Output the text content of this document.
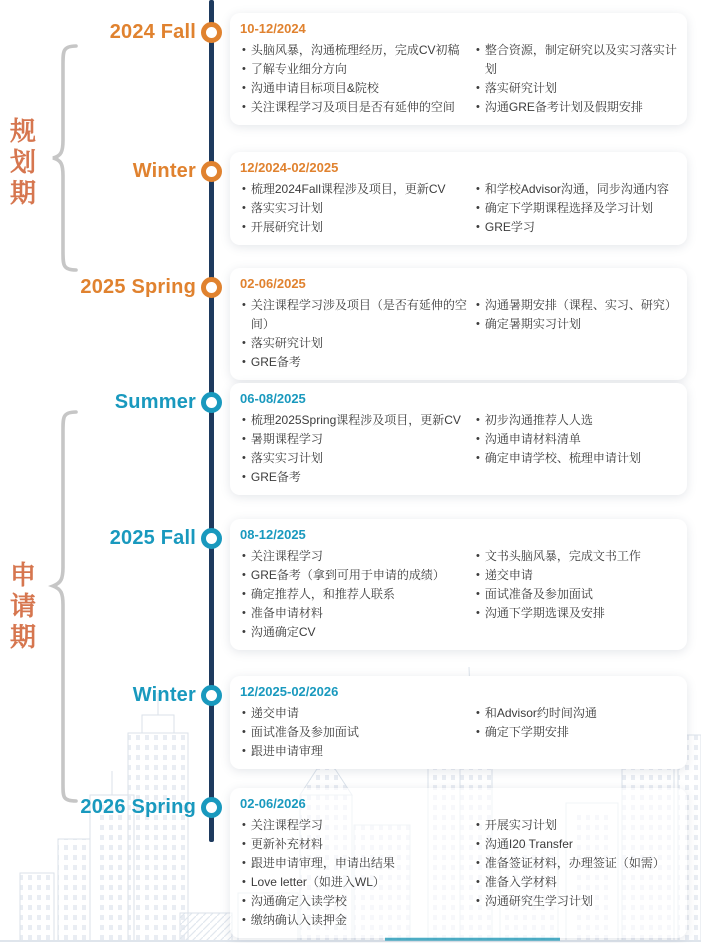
规划期
申请期
2024 Fall	10-12/2024
• 头脑风暴，沟通梳理经历，完成CV初稿
• 了解专业细分方向
• 沟通申请目标项目&院校
• 关注课程学习及项目是否有延伸的空间
• 整合资源，制定研究以及实习落实计划
• 落实研究计划
• 沟通GRE备考计划及假期安排
Winter	12/2024-02/2025
• 梳理2024Fall课程涉及项目，更新CV
• 落实实习计划
• 开展研究计划
• 和学校Advisor沟通，同步沟通内容
• 确定下学期课程选择及学习计划
• GRE学习
2025 Spring	02-06/2025
• 关注课程学习涉及项目（是否有延伸的空间）
• 落实研究计划
• GRE备考
• 沟通暑期安排（课程、实习、研究）
• 确定暑期实习计划
Summer	06-08/2025
• 梳理2025Spring课程涉及项目，更新CV
• 暑期课程学习
• 落实实习计划
• GRE备考
• 初步沟通推荐人人选
• 沟通申请材料清单
• 确定申请学校、梳理申请计划
2025 Fall	08-12/2025
• 关注课程学习
• GRE备考（拿到可用于申请的成绩）
• 确定推荐人，和推荐人联系
• 准备申请材料
• 沟通确定CV
• 文书头脑风暴，完成文书工作
• 递交申请
• 面试准备及参加面试
• 沟通下学期选课及安排
Winter	12/2025-02/2026
• 递交申请
• 面试准备及参加面试
• 跟进申请审理
• 和Advisor约时间沟通
• 确定下学期安排
2026 Spring	02-06/2026
• 关注课程学习
• 更新补充材料
• 跟进申请审理，申请出结果
• Love letter（如进入WL）
• 沟通确定入读学校
• 缴纳确认入读押金
• 开展实习计划
• 沟通I20 Transfer
• 准备签证材料，办理签证（如需）
• 准备入学材料
• 沟通研究生学习计划
